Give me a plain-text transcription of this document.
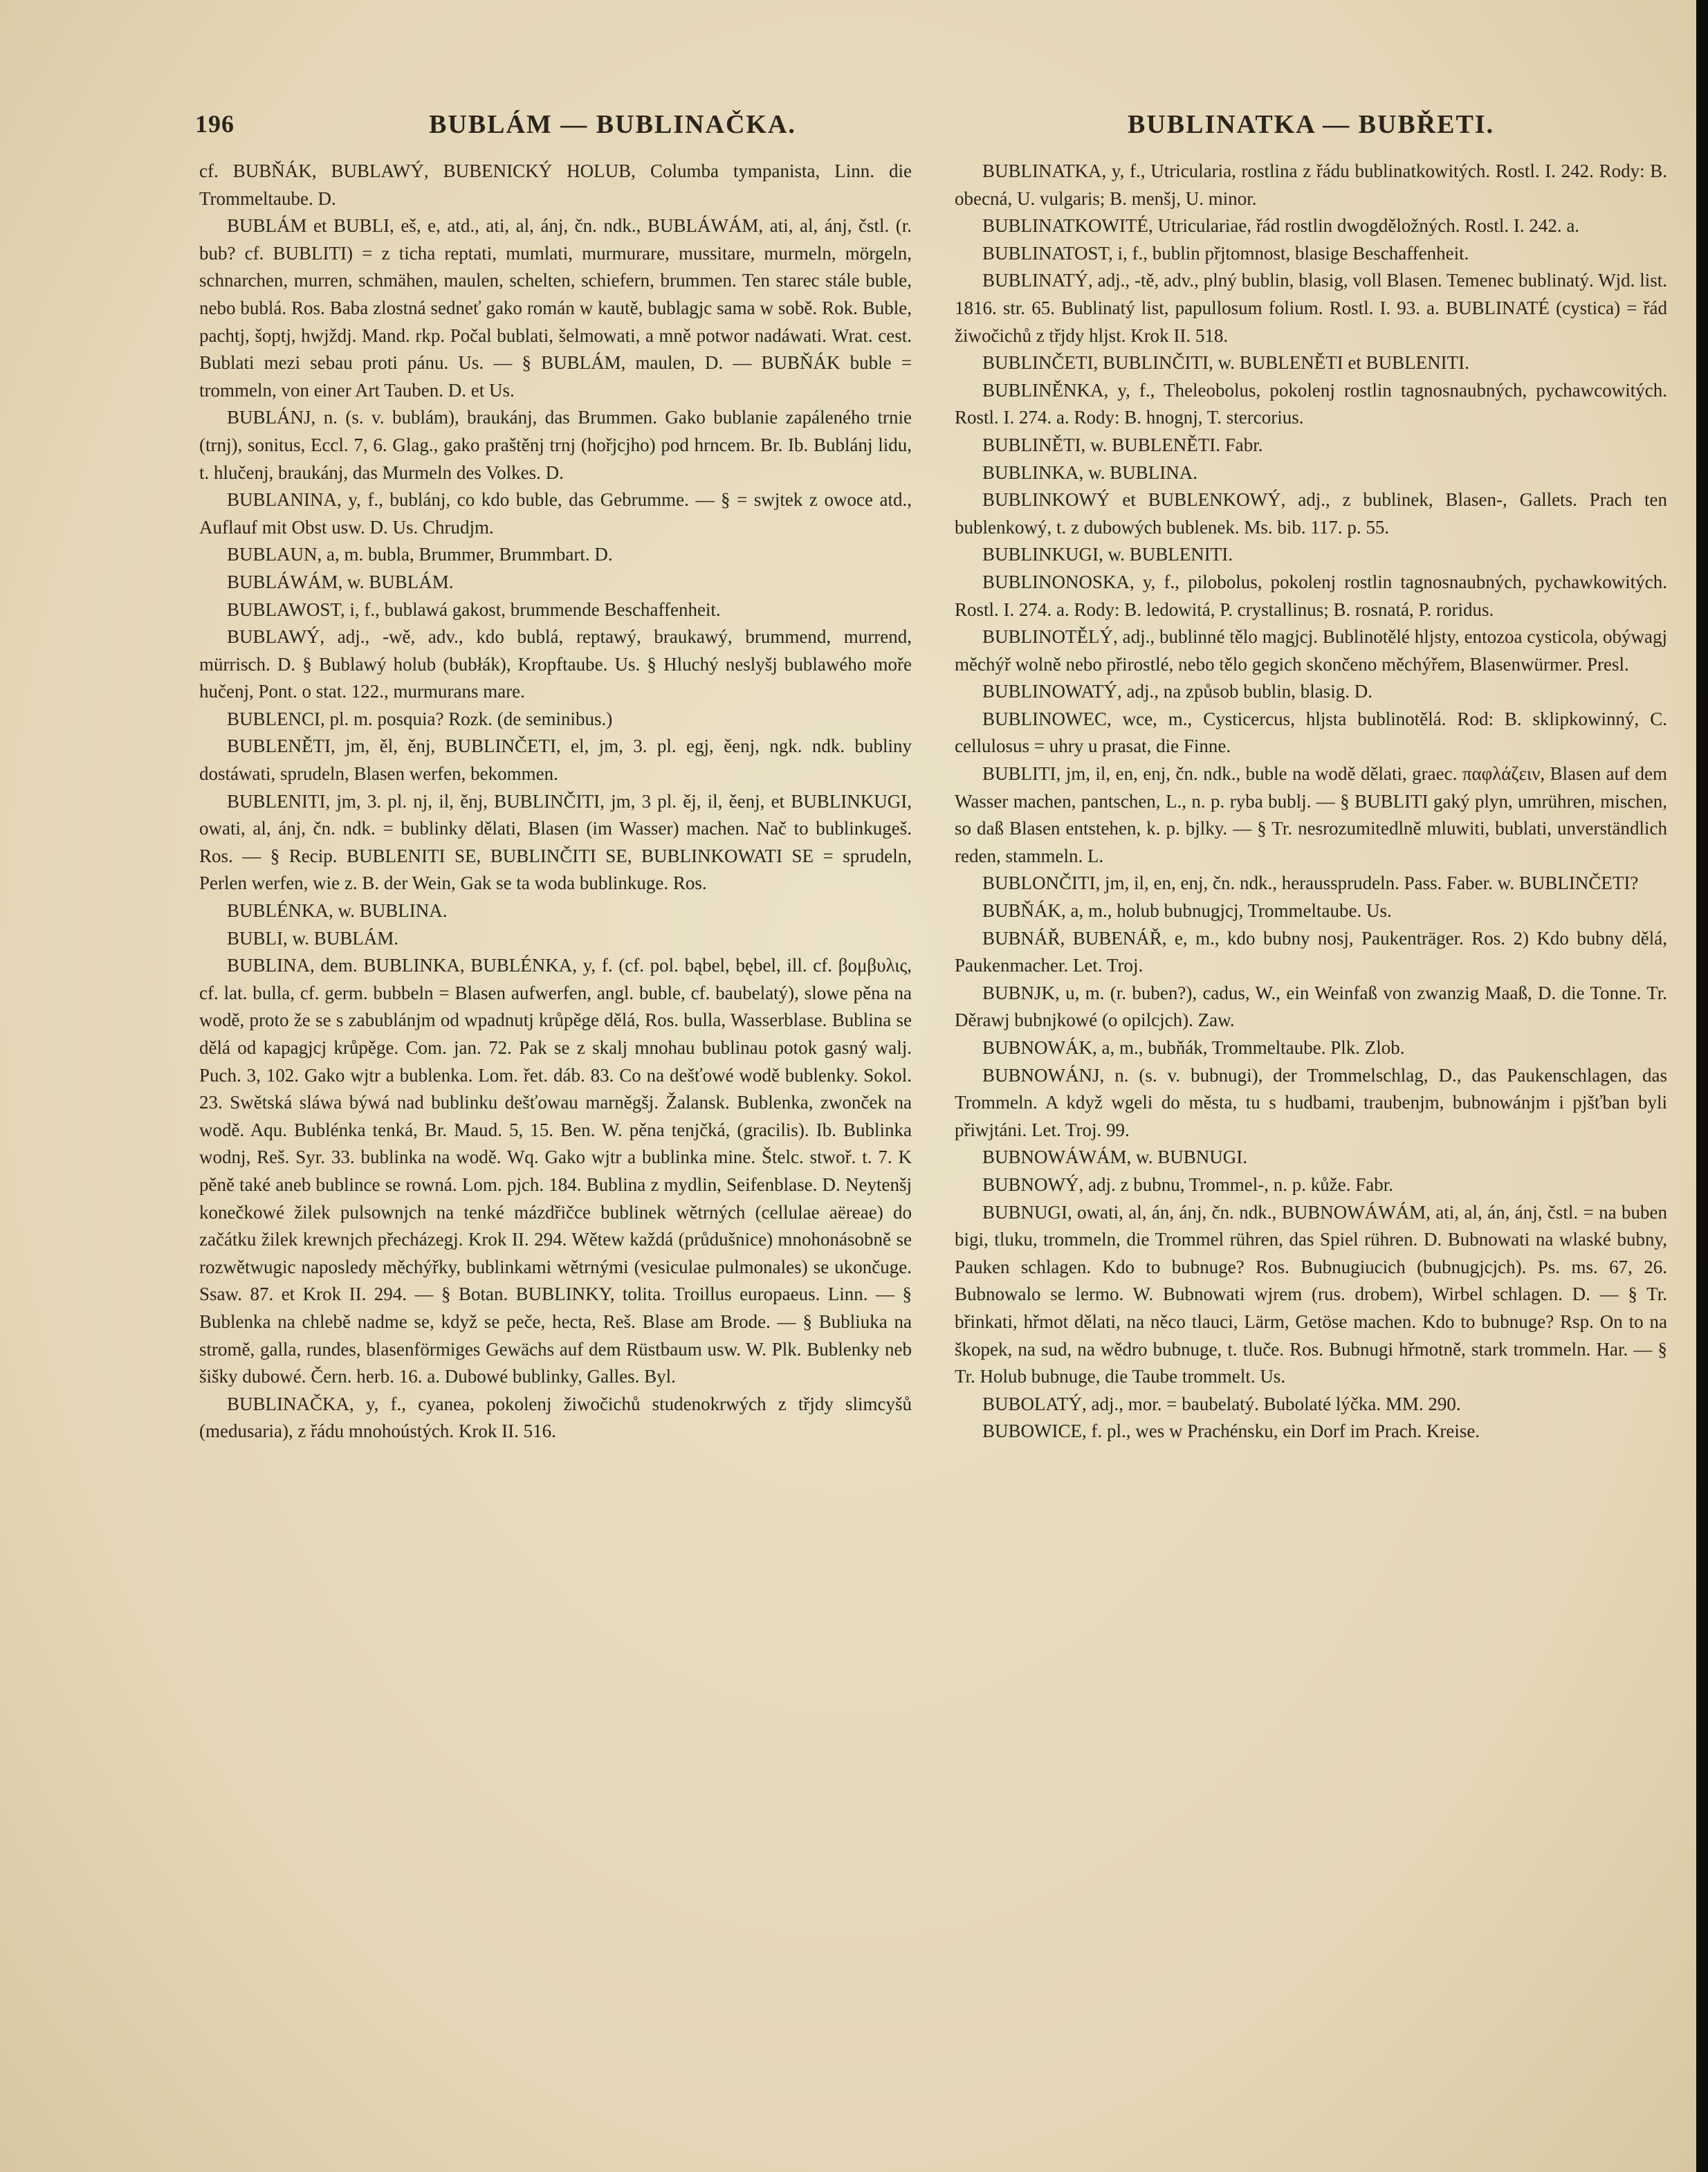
196	BUBLÁM — BUBLINAČKA.	BUBLINATKA — BUBŘETI.

cf. BUBŇÁK, BUBLAWÝ, BUBENICKÝ HOLUB, Columba tympanista, Linn. die Trommeltaube. D.

BUBLÁM et BUBLI, eš, e, atd., ati, al, ánj, čn. ndk., BUBLÁWÁM, ati, al, ánj, čstl. (r. bub? cf. BUBLITI) = z ticha reptati, mumlati, murmurare, mussitare, murmeln, mörgeln, schnarchen, murren, schmähen, maulen, schelten, schiefern, brummen. Ten starec stále buble, nebo bublá. Ros. Baba zlostná sedneť gako román w kautě, bublagjc sama w sobě. Rok. Buble, pachtj, šoptj, hwjždj. Mand. rkp. Počal bublati, šelmowati, a mně potwor nadáwati. Wrat. cest. Bublati mezi sebau proti pánu. Us. — § BUBLÁM, maulen, D. — BUBŇÁK buble = trommeln, von einer Art Tauben. D. et Us.

BUBLÁNJ, n. (s. v. bublám), braukánj, das Brummen. Gako bublanie zapáleného trnie (trnj), sonitus, Eccl. 7, 6. Glag., gako praštěnj trnj (hořjcjho) pod hrncem. Br. Ib. Bublánj lidu, t. hlučenj, braukánj, das Murmeln des Volkes. D.

BUBLANINA, y, f., bublánj, co kdo buble, das Gebrumme. — § = swjtek z owoce atd., Auflauf mit Obst usw. D. Us. Chrudjm.

BUBLAUN, a, m. bubla, Brummer, Brummbart. D.

BUBLÁWÁM, w. BUBLÁM.

BUBLAWOST, i, f., bublawá gakost, brummende Beschaffenheit.

BUBLAWÝ, adj., -wě, adv., kdo bublá, reptawý, braukawý, brummend, murrend, mürrisch. D. § Bublawý holub (bubłák), Kropftaube. Us. § Hluchý neslyšj bublawého moře hučenj, Pont. o stat. 122., murmurans mare.

BUBLENCI, pl. m. posquia? Rozk. (de seminibus.)

BUBLENĚTI, jm, ěl, ěnj, BUBLINČETI, el, jm, 3. pl. egj, ěenj, ngk. ndk. bubliny dostáwati, sprudeln, Blasen werfen, bekommen.

BUBLENITI, jm, 3. pl. nj, il, ěnj, BUBLINČITI, jm, 3 pl. ěj, il, ěenj, et BUBLINKUGI, owati, al, ánj, čn. ndk. = bublinky dělati, Blasen (im Wasser) machen. Nač to bublinkugeš. Ros. — § Recip. BUBLENITI SE, BUBLINČITI SE, BUBLINKOWATI SE = sprudeln, Perlen werfen, wie z. B. der Wein, Gak se ta woda bublinkuge. Ros.

BUBLÉNKA, w. BUBLINA.

BUBLI, w. BUBLÁM.

BUBLINA, dem. BUBLINKA, BUBLÉNKA, y, f. (cf. pol. bąbel, bębel, ill. cf. βομβυλις, cf. lat. bulla, cf. germ. bubbeln = Blasen aufwerfen, angl. buble, cf. baubelatý), slowe pěna na wodě, proto že se s zabublánjm od wpadnutj krůpěge dělá, Ros. bulla, Wasserblase. Bublina se dělá od kapagjcj krůpěge. Com. jan. 72. Pak se z skalj mnohau bublinau potok gasný walj. Puch. 3, 102. Gako wjtr a bublenka. Lom. řet. dáb. 83. Co na dešťowé wodě bublenky. Sokol. 23. Swětská sláwa býwá nad bublinku dešťowau marněgšj. Žalansk. Bublenka, zwonček na wodě. Aqu. Bublénka tenká, Br. Maud. 5, 15. Ben. W. pěna tenjčká, (gracilis). Ib. Bublinka wodnj, Reš. Syr. 33. bublinka na wodě. Wq. Gako wjtr a bublinka mine. Štelc. stwoř. t. 7. K pěně také aneb bublince se rowná. Lom. pjch. 184. Bublina z mydlin, Seifenblase. D. Neytenšj konečkowé žilek pulsownjch na tenké mázdřičce bublinek wětrných (cellulae aëreae) do začátku žilek krewnjch přecházegj. Krok II. 294. Wětew každá (průdušnice) mnohonásobně se rozwětwugic naposledy měchýřky, bublinkami wětrnými (vesiculae pulmonales) se ukončuge. Ssaw. 87. et Krok II. 294. — § Botan. BUBLINKY, tolita. Troillus europaeus. Linn. — § Bublenka na chlebě nadme se, když se peče, hecta, Reš. Blase am Brode. — § Bubliuka na stromě, galla, rundes, blasenförmiges Gewächs auf dem Rüstbaum usw. W. Plk. Bublenky neb šišky dubowé. Čern. herb. 16. a. Dubowé bublinky, Galles. Byl.

BUBLINAČKA, y, f., cyanea, pokolenj žiwočichů studenokrwých z třjdy slimcyšů (medusaria), z řádu mnohoústých. Krok II. 516.

BUBLINATKA, y, f., Utricularia, rostlina z řádu bublinatkowitých. Rostl. I. 242. Rody: B. obecná, U. vulgaris; B. menšj, U. minor.

BUBLINATKOWITÉ, Utriculariae, řád rostlin dwogděložných. Rostl. I. 242. a.

BUBLINATOST, i, f., bublin přjtomnost, blasige Beschaffenheit.

BUBLINATÝ, adj., -tě, adv., plný bublin, blasig, voll Blasen. Temenec bublinatý. Wjd. list. 1816. str. 65. Bublinatý list, papullosum folium. Rostl. I. 93. a. BUBLINATÉ (cystica) = řád žiwočichů z třjdy hljst. Krok II. 518.

BUBLINČETI, BUBLINČITI, w. BUBLENĚTI et BUBLENITI.

BUBLINĚNKA, y, f., Theleobolus, pokolenj rostlin tagnosnaubných, pychawcowitých. Rostl. I. 274. a. Rody: B. hnognj, T. stercorius.

BUBLINĚTI, w. BUBLENĚTI. Fabr.

BUBLINKA, w. BUBLINA.

BUBLINKOWÝ et BUBLENKOWÝ, adj., z bublinek, Blasen-, Gallets. Prach ten bublenkowý, t. z dubowých bublenek. Ms. bib. 117. p. 55.

BUBLINKUGI, w. BUBLENITI.

BUBLINONOSKA, y, f., pilobolus, pokolenj rostlin tagnosnaubných, pychawkowitých. Rostl. I. 274. a. Rody: B. ledowitá, P. crystallinus; B. rosnatá, P. roridus.

BUBLINOTĚLÝ, adj., bublinné tělo magjcj. Bublinotělé hljsty, entozoa cysticola, obýwagj měchýř wolně nebo přirostlé, nebo tělo gegich skončeno měchýřem, Blasenwürmer. Presl.

BUBLINOWATÝ, adj., na způsob bublin, blasig. D.

BUBLINOWEC, wce, m., Cysticercus, hljsta bublinotělá. Rod: B. sklipkowinný, C. cellulosus = uhry u prasat, die Finne.

BUBLITI, jm, il, en, enj, čn. ndk., buble na wodě dělati, graec. παφλάζειν, Blasen auf dem Wasser machen, pantschen, L., n. p. ryba bublj. — § BUBLITI gaký plyn, umrühren, mischen, so daß Blasen entstehen, k. p. bjlky. — § Tr. nesrozumitedlně mluwiti, bublati, unverständlich reden, stammeln. L.

BUBLONČITI, jm, il, en, enj, čn. ndk., heraussprudeln. Pass. Faber. w. BUBLINČETI?

BUBŇÁK, a, m., holub bubnugjcj, Trommeltaube. Us.

BUBNÁŘ, BUBENÁŘ, e, m., kdo bubny nosj, Paukenträger. Ros. 2) Kdo bubny dělá, Paukenmacher. Let. Troj.

BUBNJK, u, m. (r. buben?), cadus, W., ein Weinfaß von zwanzig Maaß, D. die Tonne. Tr. Děrawj bubnjkowé (o opilcjch). Zaw.

BUBNOWÁK, a, m., bubňák, Trommeltaube. Plk. Zlob.

BUBNOWÁNJ, n. (s. v. bubnugi), der Trommelschlag, D., das Paukenschlagen, das Trommeln. A když wgeli do města, tu s hudbami, traubenjm, bubnowánjm i pjšťban byli přiwjtáni. Let. Troj. 99.

BUBNOWÁWÁM, w. BUBNUGI.

BUBNOWÝ, adj. z bubnu, Trommel-, n. p. kůže. Fabr.

BUBNUGI, owati, al, án, ánj, čn. ndk., BUBNOWÁWÁM, ati, al, án, ánj, čstl. = na buben bigi, tluku, trommeln, die Trommel rühren, das Spiel rühren. D. Bubnowati na wlaské bubny, Pauken schlagen. Kdo to bubnuge? Ros. Bubnugiucich (bubnugjcjch). Ps. ms. 67, 26. Bubnowalo se lermo. W. Bubnowati wjrem (rus. drobem), Wirbel schlagen. D. — § Tr. břinkati, hřmot dělati, na něco tlauci, Lärm, Getöse machen. Kdo to bubnuge? Rsp. On to na škopek, na sud, na wědro bubnuge, t. tluče. Ros. Bubnugi hřmotně, stark trommeln. Har. — § Tr. Holub bubnuge, die Taube trommelt. Us.

BUBOLATÝ, adj., mor. = baubelatý. Bubolaté lýčka. MM. 290.

BUBOWICE, f. pl., wes w Prachénsku, ein Dorf im Prach. Kreise.
